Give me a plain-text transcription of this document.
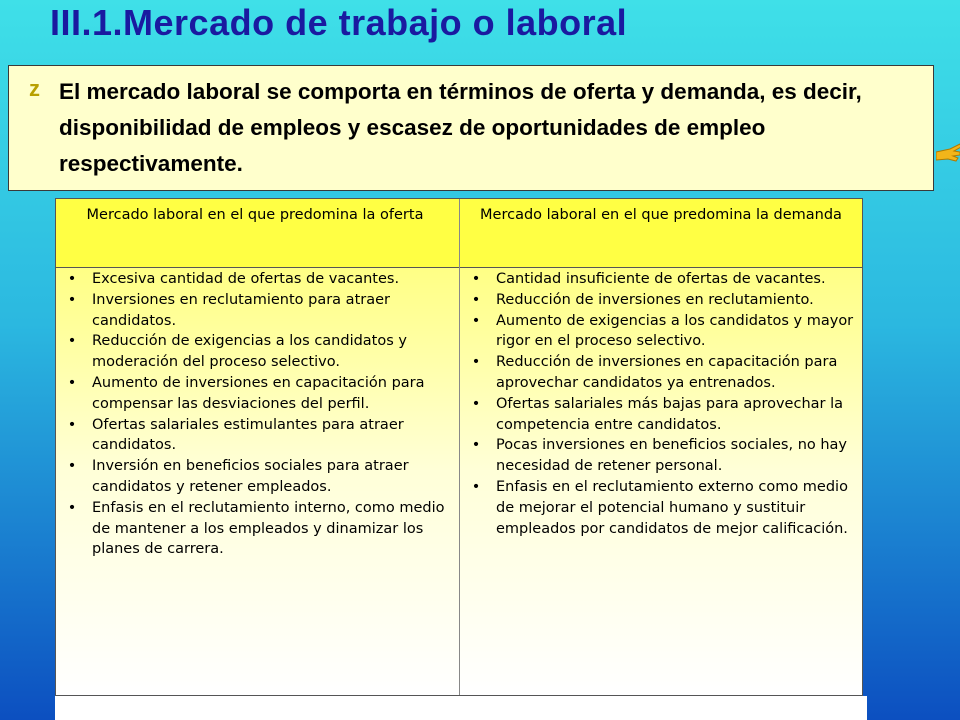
III.1.Mercado de trabajo o laboral
z El mercado laboral se comporta en términos de oferta y demanda, es decir, disponibilidad de empleos y escasez de oportunidades de empleo respectivamente.
Mercado laboral en el que predomina la oferta	Mercado laboral en el que predomina la demanda
• Excesiva cantidad de ofertas de vacantes.
• Inversiones en reclutamiento para atraer candidatos.
• Reducción de exigencias a los candidatos y moderación del proceso selectivo.
• Aumento de inversiones en capacitación para compensar las desviaciones del perfil.
• Ofertas salariales estimulantes para atraer candidatos.
• Inversión en beneficios sociales para atraer candidatos y retener empleados.
• Enfasis en el reclutamiento interno, como medio de mantener a los empleados y dinamizar los planes de carrera.
• Cantidad insuficiente de ofertas de vacantes.
• Reducción de inversiones en reclutamiento.
• Aumento de exigencias a los candidatos y mayor rigor en el proceso selectivo.
• Reducción de inversiones en capacitación para aprovechar candidatos ya entrenados.
• Ofertas salariales más bajas para aprovechar la competencia entre candidatos.
• Pocas inversiones en beneficios sociales, no hay necesidad de retener personal.
• Enfasis en el reclutamiento externo como medio de mejorar el potencial humano y sustituir empleados por candidatos de mejor calificación.
